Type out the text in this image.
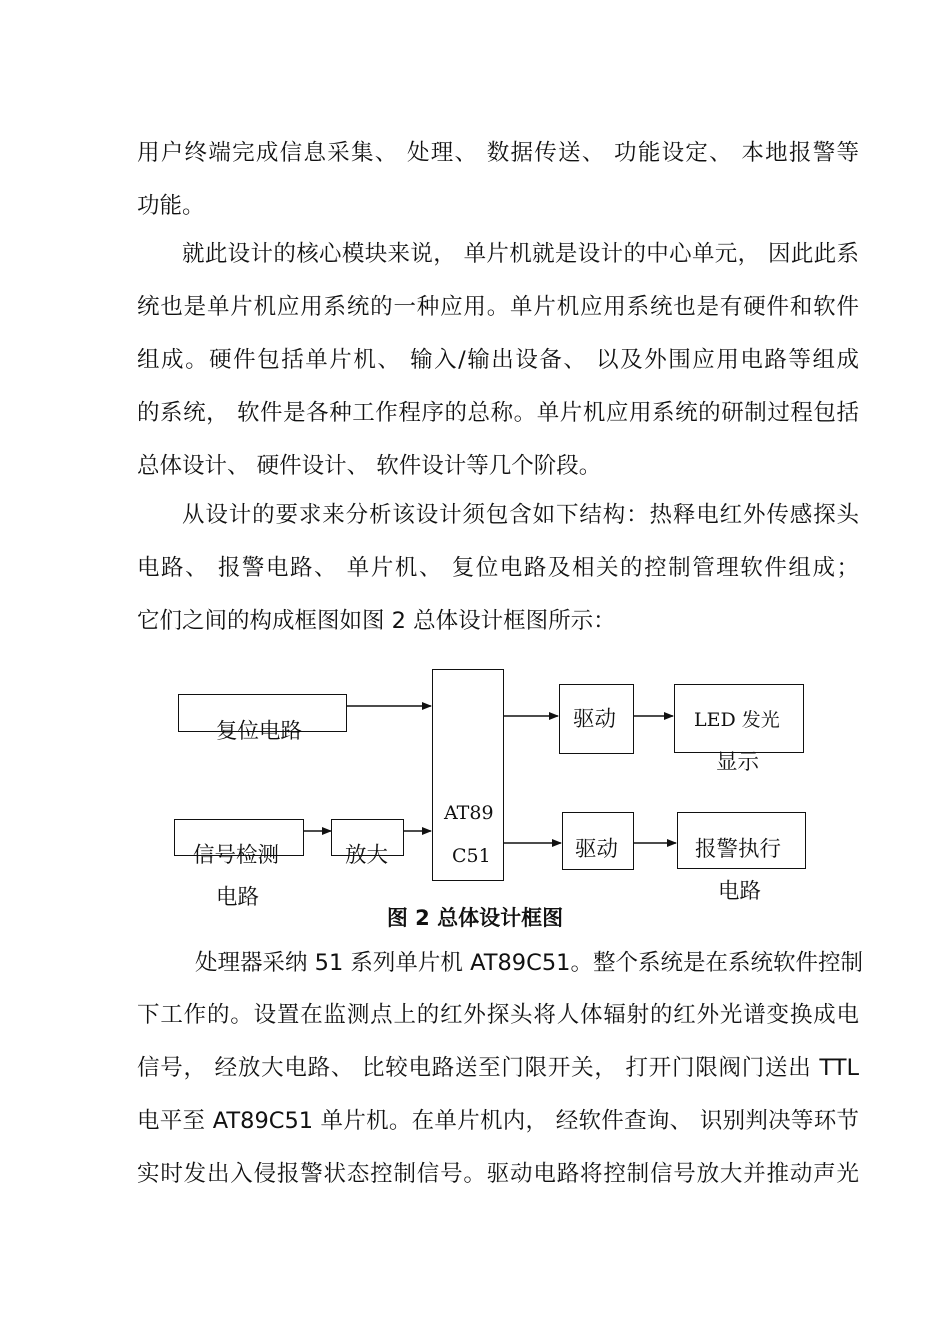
用户终端完成信息采集、 处理、 数据传送、 功能设定、 本地报警等
功能。
就此设计的核心模块来说， 单片机就是设计的中心单元， 因此此系
统也是单片机应用系统的一种应用。单片机应用系统也是有硬件和软件
组成。硬件包括单片机、 输入/输出设备、 以及外围应用电路等组成
的系统， 软件是各种工作程序的总称。单片机应用系统的研制过程包括
总体设计、 硬件设计、 软件设计等几个阶段。
从设计的要求来分析该设计须包含如下结构：热释电红外传感探头
电路、 报警电路、 单片机、 复位电路及相关的控制管理软件组成；
它们之间的构成框图如图 2 总体设计框图所示：
复位电路
信号检测
电路
放大
AT89
C51
驱动
驱动
LED 发光
显示
报警执行
电路
图 2 总体设计框图
处理器采纳 51 系列单片机 AT89C51。整个系统是在系统软件控制
下工作的。设置在监测点上的红外探头将人体辐射的红外光谱变换成电
信号， 经放大电路、 比较电路送至门限开关， 打开门限阀门送出 TTL
电平至 AT89C51 单片机。在单片机内， 经软件查询、 识别判决等环节
实时发出入侵报警状态控制信号。驱动电路将控制信号放大并推动声光
